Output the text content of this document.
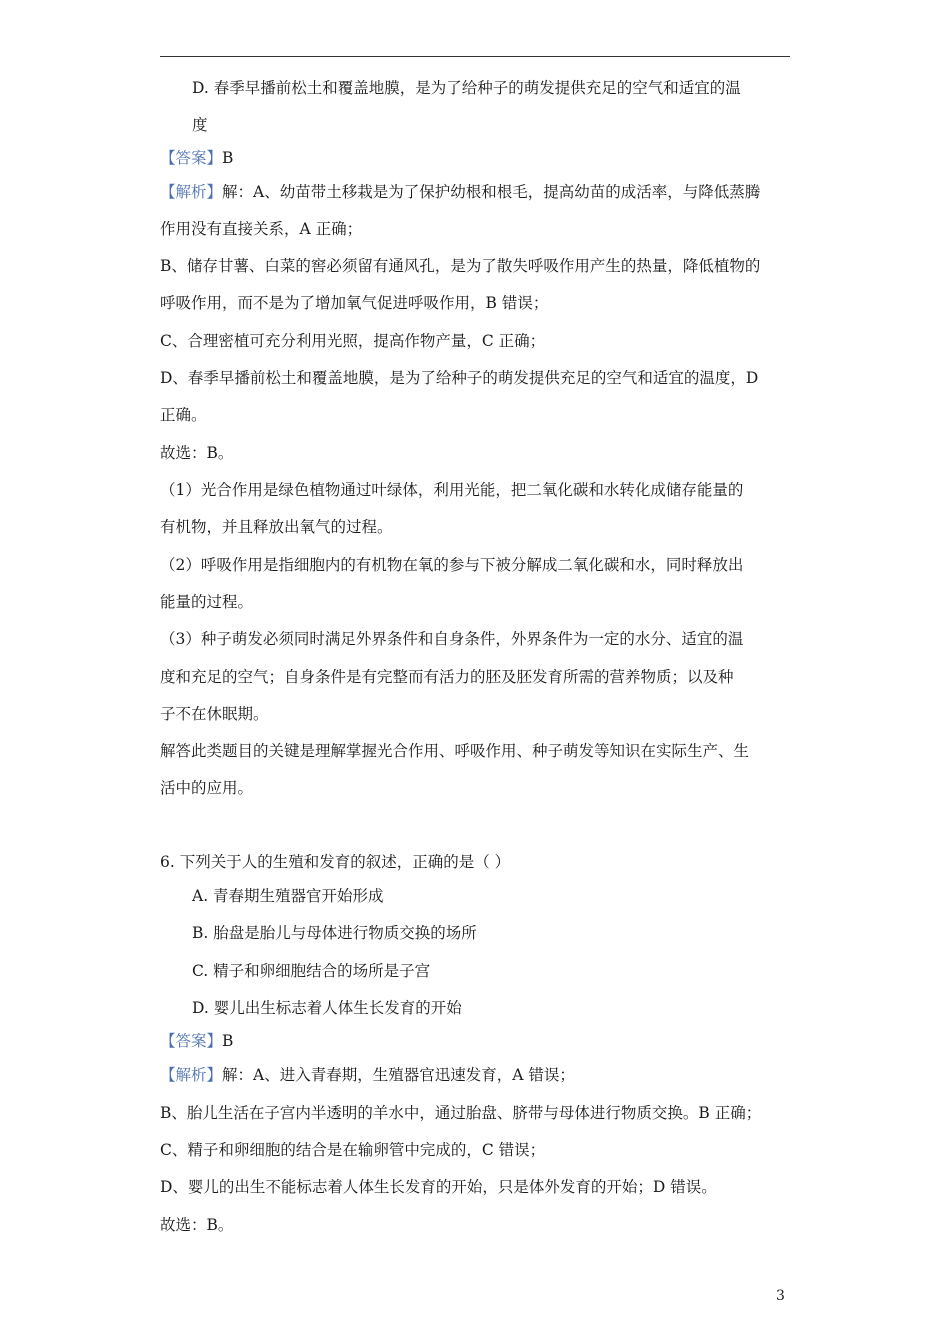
D. 春季早播前松土和覆盖地膜，是为了给种子的萌发提供充足的空气和适宜的温
度
【答案】B
【解析】解：A、幼苗带土移栽是为了保护幼根和根毛，提高幼苗的成活率，与降低蒸腾
作用没有直接关系，A 正确；
B、储存甘薯、白菜的窖必须留有通风孔，是为了散失呼吸作用产生的热量，降低植物的
呼吸作用，而不是为了增加氧气促进呼吸作用，B 错误；
C、合理密植可充分利用光照，提高作物产量，C 正确；
D、春季早播前松土和覆盖地膜，是为了给种子的萌发提供充足的空气和适宜的温度，D
正确。
故选：B。
（1）光合作用是绿色植物通过叶绿体，利用光能，把二氧化碳和水转化成储存能量的
有机物，并且释放出氧气的过程。
（2）呼吸作用是指细胞内的有机物在氧的参与下被分解成二氧化碳和水，同时释放出
能量的过程。
（3）种子萌发必须同时满足外界条件和自身条件，外界条件为一定的水分、适宜的温
度和充足的空气；自身条件是有完整而有活力的胚及胚发育所需的营养物质；以及种
子不在休眠期。
解答此类题目的关键是理解掌握光合作用、呼吸作用、种子萌发等知识在实际生产、生
活中的应用。
6. 下列关于人的生殖和发育的叙述，正确的是（ ）
A. 青春期生殖器官开始形成
B. 胎盘是胎儿与母体进行物质交换的场所
C. 精子和卵细胞结合的场所是子宫
D. 婴儿出生标志着人体生长发育的开始
【答案】B
【解析】解：A、进入青春期，生殖器官迅速发育，A 错误；
B、胎儿生活在子宫内半透明的羊水中，通过胎盘、脐带与母体进行物质交换。B 正确；
C、精子和卵细胞的结合是在输卵管中完成的，C 错误；
D、婴儿的出生不能标志着人体生长发育的开始，只是体外发育的开始；D 错误。
故选：B。
3
